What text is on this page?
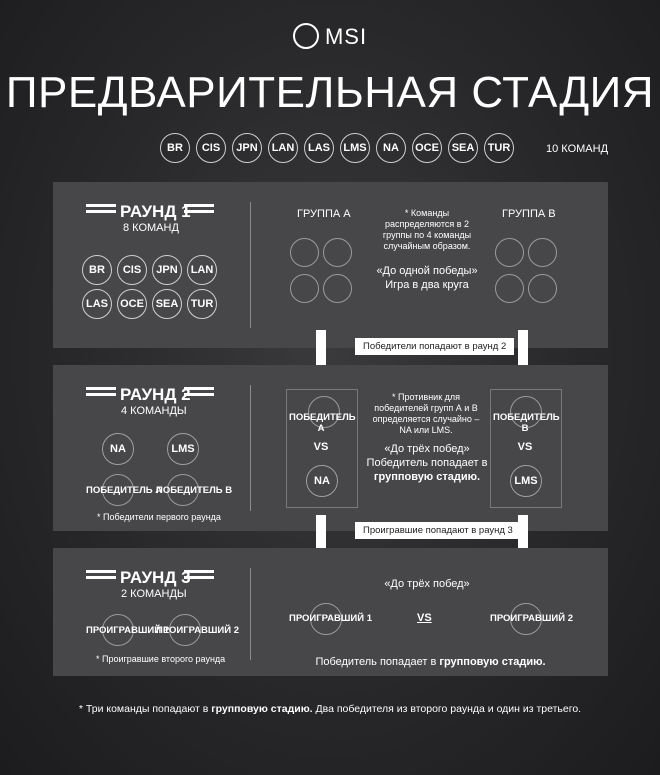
MSI
ПРЕДВАРИТЕЛЬНАЯ СТАДИЯ
BR	CIS	JPN	LAN	LAS	LMS	NA	OCE	SEA	TUR	10 КОМАНД
РАУНД 1
8 КОМАНД
BR	CIS	JPN	LAN
LAS	OCE	SEA	TUR
ГРУППА А	* Команды распределяются в 2 группы по 4 команды случайным образом.
«До одной победы»
Игра в два круга
ГРУППА В
Победители попадают в раунд 2
РАУНД 2
4 КОМАНДЫ
NA	LMS
ПОБЕДИТЕЛЬ А
ПОБЕДИТЕЛЬ В
* Победители первого раунда
ПОБЕДИТЕЛЬ А
VS
NA
* Противник для победителей групп А и В определяется случайно – NA или LMS.
«До трёх побед»
Победитель попадает в
групповую стадию.
ПОБЕДИТЕЛЬ В
VS
LMS
Проигравшие попадают в раунд 3
РАУНД 3
2 КОМАНДЫ
ПРОИГРАВШИЙ 1
ПРОИГРАВШИЙ 2
* Проигравшие второго раунда
«До трёх побед»
ПРОИГРАВШИЙ 1	VS	ПРОИГРАВШИЙ 2
Победитель попадает в групповую стадию.
* Три команды попадают в групповую стадию. Два победителя из второго раунда и один из третьего.
